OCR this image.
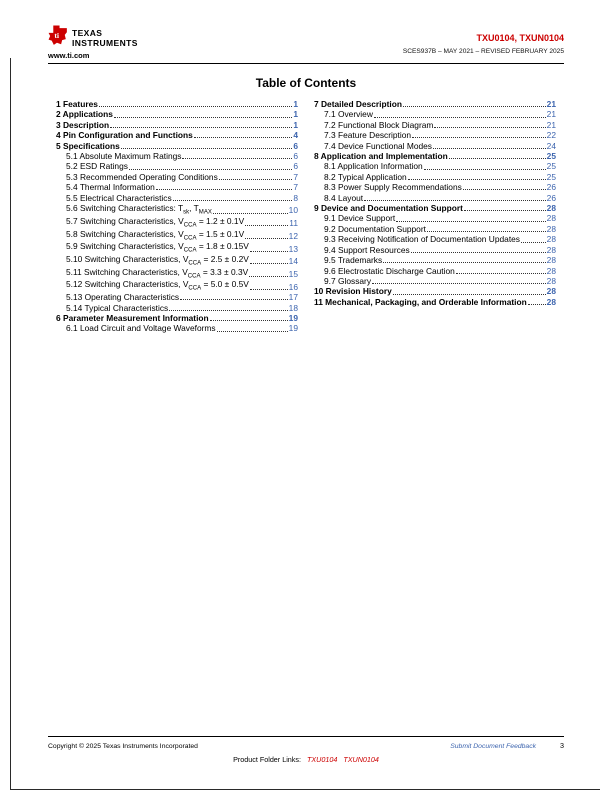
ti TEXAS
INSTRUMENTS
www.ti.com
TXU0104, TXUN0104
SCES937B – MAY 2021 – REVISED FEBRUARY 2025
Table of Contents
1 Features	1
2 Applications	1
3 Description	1
4 Pin Configuration and Functions	4
5 Specifications	6
5.1 Absolute Maximum Ratings	6
5.2 ESD Ratings	6
5.3 Recommended Operating Conditions	7
5.4 Thermal Information	7
5.5 Electrical Characteristics	8
5.6 Switching Characteristics: $T_{sk}$, $T_{MAX}$	10
5.7 Switching Characteristics, $V_{CCA} = 1.2 \pm 0.1V$	11
5.8 Switching Characteristics, $V_{CCA} = 1.5 \pm 0.1V$	12
5.9 Switching Characteristics, $V_{CCA} = 1.8 \pm 0.15V$	13
5.10 Switching Characteristics, $V_{CCA} = 2.5 \pm 0.2V$	14
5.11 Switching Characteristics, $V_{CCA} = 3.3 \pm 0.3V$	15
5.12 Switching Characteristics, $V_{CCA} = 5.0 \pm 0.5V$	16
5.13 Operating Characteristics	17
5.14 Typical Characteristics	18
6 Parameter Measurement Information	19
6.1 Load Circuit and Voltage Waveforms	19
7 Detailed Description	21
7.1 Overview	21
7.2 Functional Block Diagram	21
7.3 Feature Description	22
7.4 Device Functional Modes	24
8 Application and Implementation	25
8.1 Application Information	25
8.2 Typical Application	25
8.3 Power Supply Recommendations	26
8.4 Layout	26
9 Device and Documentation Support	28
9.1 Device Support	28
9.2 Documentation Support	28
9.3 Receiving Notification of Documentation Updates	28
9.4 Support Resources	28
9.5 Trademarks	28
9.6 Electrostatic Discharge Caution	28
9.7 Glossary	28
10 Revision History	28
11 Mechanical, Packaging, and Orderable Information 28
Copyright © 2025 Texas Instruments Incorporated	Submit Document Feedback	3
Product Folder Links: TXU0104 TXUN0104
